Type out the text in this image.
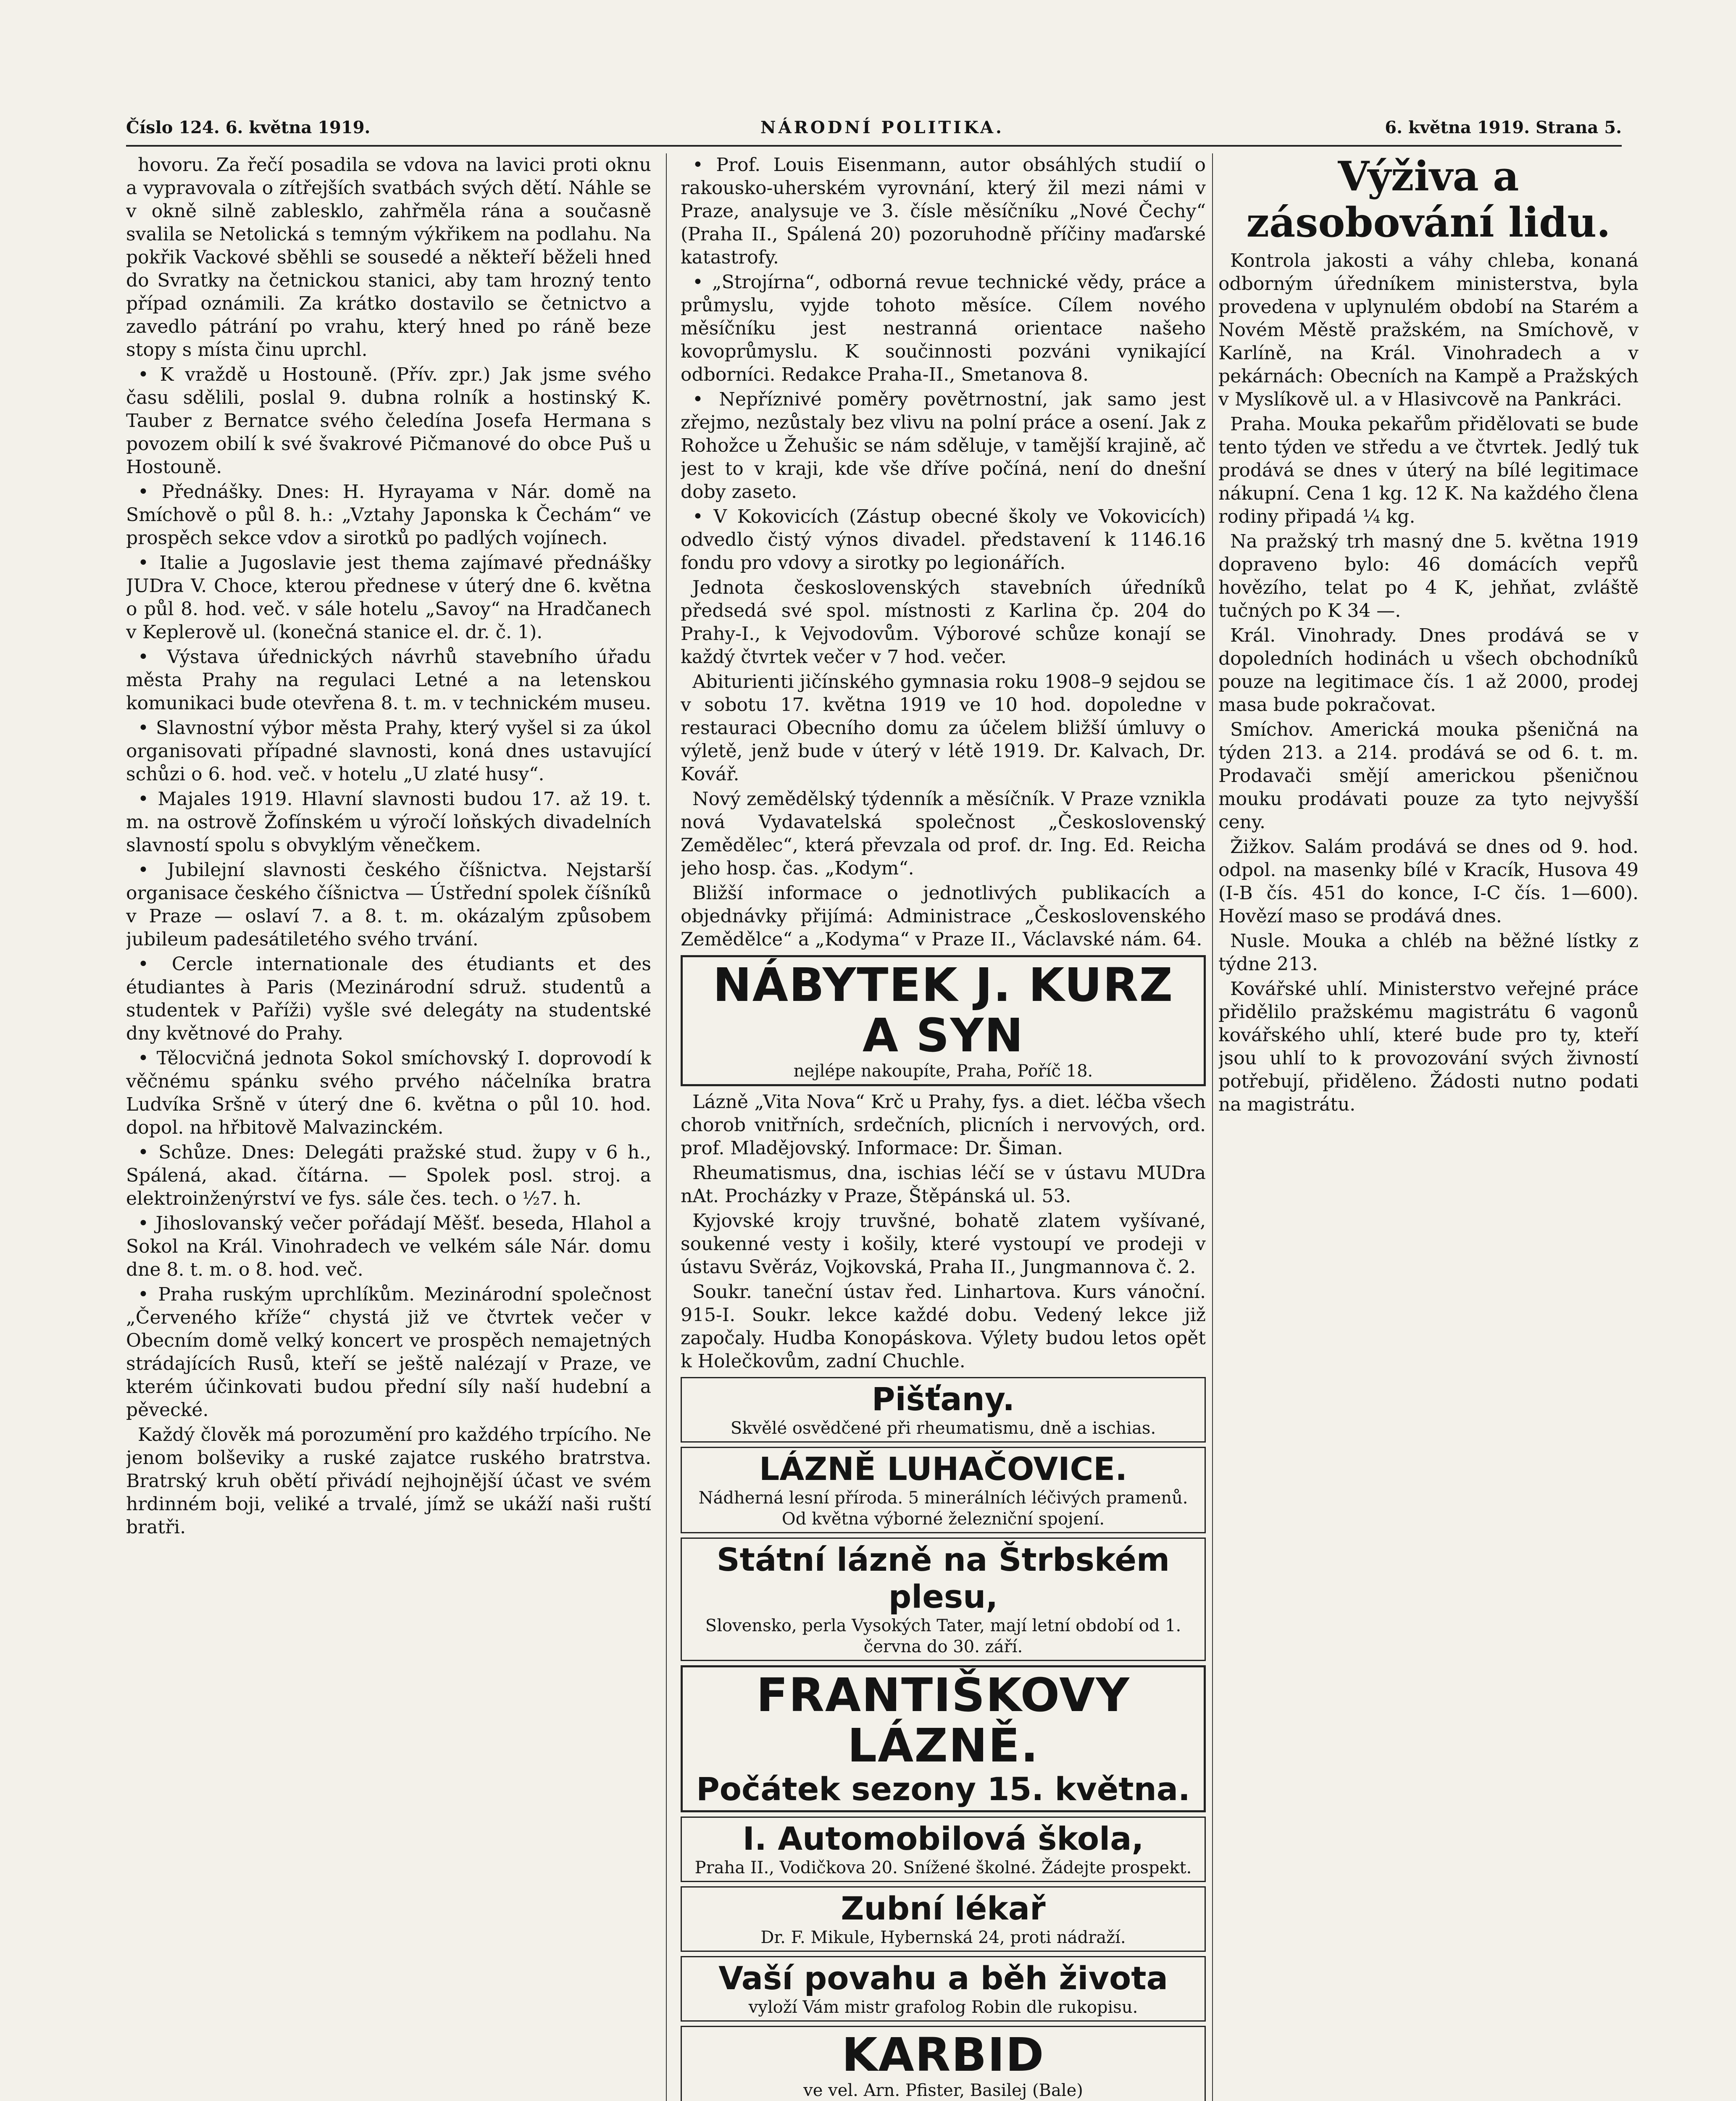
Číslo 124. 6. května 1919.	NÁRODNÍ POLITIKA.	6. května 1919. Strana 5.

hovoru. Za řečí posadila se vdova na lavici proti oknu a vypravovala o zítřejších svatbách svých dětí. Náhle se v okně silně zablesklo, zahřměla rána a současně svalila se Netolická s temným výkřikem na podlahu. Na pokřik Vackové sběhli se sousedé a někteří běželi hned do Svratky na četnickou stanici, aby tam hrozný tento případ oznámili. Za krátko dostavilo se četnictvo a zavedlo pátrání po vrahu, který hned po ráně beze stopy s místa činu uprchl.

• K vraždě u Hostouně. (Přív. zpr.) Jak jsme svého času sdělili, poslal 9. dubna rolník a hostinský K. Tauber z Bernatce svého čeledína Josefa Hermana s povozem obilí k své švakrové Pičmanové do obce Puš u Hostouně.

• Přednášky. Dnes: H. Hyrayama v Nár. domě na Smíchově o půl 8. h.: „Vztahy Japonska k Čechám“ ve prospěch sekce vdov a sirotků po padlých vojínech.

• Italie a Jugoslavie jest thema zajímavé přednášky JUDra V. Choce, kterou přednese v úterý dne 6. května o půl 8. hod. več. v sále hotelu „Savoy“ na Hradčanech v Keplerově ul. (konečná stanice el. dr. č. 1).

• Výstava úřednických návrhů stavebního úřadu města Prahy na regulaci Letné a na letenskou komunikaci bude otevřena 8. t. m. v technickém museu.

• Slavnostní výbor města Prahy, který vyšel si za úkol organisovati případné slavnosti, koná dnes ustavující schůzi o 6. hod. več. v hotelu „U zlaté husy“.

• Majales 1919. Hlavní slavnosti budou 17. až 19. t. m. na ostrově Žofínském u výročí loňských divadelních slavností spolu s obvyklým věnečkem.

• Jubilejní slavnosti českého číšnictva. Nejstarší organisace českého číšnictva — Ústřední spolek číšníků v Praze — oslaví 7. a 8. t. m. okázalým způsobem jubileum padesátiletého svého trvání.

• Cercle internationale des étudiants et des étudiantes à Paris (Mezinárodní sdruž. studentů a studentek v Paříži) vyšle své delegáty na studentské dny květnové do Prahy.

• Tělocvičná jednota Sokol smíchovský I. doprovodí k věčnému spánku svého prvého náčelníka bratra Ludvíka Sršně v úterý dne 6. května o půl 10. hod. dopol. na hřbitově Malvazinckém.

• Schůze. Dnes: Delegáti pražské stud. župy v 6 h., Spálená, akad. čítárna. — Spolek posl. stroj. a elektroinženýrství ve fys. sále čes. tech. o ½7. h.

• Jihoslovanský večer pořádají Měšť. beseda, Hlahol a Sokol na Král. Vinohradech ve velkém sále Nár. domu dne 8. t. m. o 8. hod. več.

• Praha ruským uprchlíkům. Mezinárodní společnost „Červeného kříže“ chystá již ve čtvrtek večer v Obecním domě velký koncert ve prospěch nemajetných strádajících Rusů, kteří se ještě nalézají v Praze, ve kterém účinkovati budou přední síly naší hudební a pěvecké.

Každý člověk má porozumění pro každého trpícího. Ne jenom bolševiky a ruské zajatce ruského bratrstva. Bratrský kruh obětí přivádí nejhojnější účast ve svém hrdinném boji, veliké a trvalé, jímž se ukáží naši ruští bratři.

• Prof. Louis Eisenmann, autor obsáhlých studií o rakousko-uherském vyrovnání, který žil mezi námi v Praze, analysuje ve 3. čísle měsíčníku „Nové Čechy“ (Praha II., Spálená 20) pozoruhodně příčiny maďarské katastrofy.

• „Strojírna“, odborná revue technické vědy, práce a průmyslu, vyjde tohoto měsíce. Cílem nového měsíčníku jest nestranná orientace našeho kovoprůmyslu. K součinnosti pozváni vynikající odborníci. Redakce Praha-II., Smetanova 8.

• Nepříznivé poměry povětrnostní, jak samo jest zřejmo, nezůstaly bez vlivu na polní práce a osení. Jak z Rohožce u Žehušic se nám sděluje, v tamější krajině, ač jest to v kraji, kde vše dříve počíná, není do dnešní doby zaseto.

• V Kokovicích (Zástup obecné školy ve Vokovicích) odvedlo čistý výnos divadel. představení k 1146.16 fondu pro vdovy a sirotky po legionářích.

Jednota československých stavebních úředníků předsedá své spol. místnosti z Karlina čp. 204 do Prahy-I., k Vejvodovům. Výborové schůze konají se každý čtvrtek večer v 7 hod. večer.

Abiturienti jičínského gymnasia roku 1908–9 sejdou se v sobotu 17. května 1919 ve 10 hod. dopoledne v restauraci Obecního domu za účelem bližší úmluvy o výletě, jenž bude v úterý v létě 1919. Dr. Kalvach, Dr. Kovář.

Nový zemědělský týdenník a měsíčník. V Praze vznikla nová Vydavatelská společnost „Československý Zemědělec“, která převzala od prof. dr. Ing. Ed. Reicha jeho hosp. čas. „Kodym“.

Bližší informace o jednotlivých publikacích a objednávky přijímá: Administrace „Československého Zemědělce“ a „Kodyma“ v Praze II., Václavské nám. 64.

NÁBYTEK J. KURZ A SYN
nejlépe nakoupíte, Praha, Poříč 18.

Lázně „Vita Nova“ Krč u Prahy, fys. a diet. léčba všech chorob vnitřních, srdečních, plicních i nervových, ord. prof. Mladějovský. Informace: Dr. Šiman.

Rheumatismus, dna, ischias léčí se v ústavu MUDra nAt. Procházky v Praze, Štěpánská ul. 53.

Kyjovské krojy truvšné, bohatě zlatem vyšívané, soukenné vesty i košily, které vystoupí ve prodeji v ústavu Svěráz, Vojkovská, Praha II., Jungmannova č. 2.

Soukr. taneční ústav řed. Linhartova. Kurs vánoční. 915-I. Soukr. lekce každé dobu. Vedený lekce již započaly. Hudba Konopáskova. Výlety budou letos opět k Holečkovům, zadní Chuchle.

Pišťany.
Skvělé osvědčené při rheumatismu, dně a ischias.
LÁZNĚ LUHAČOVICE.
Nádherná lesní příroda. 5 minerálních léčivých pramenů. Od května výborné železniční spojení.
Státní lázně na Štrbském plesu,
Slovensko, perla Vysokých Tater, mají letní období od 1. června do 30. září.
FRANTIŠKOVY LÁZNĚ.
Počátek sezony 15. května.
I. Automobilová škola,
Praha II., Vodičkova 20. Snížené školné. Žádejte prospekt.
Zubní lékař
Dr. F. Mikule, Hybernská 24, proti nádraží.
Vaší povahu a běh života
vyloží Vám mistr grafolog Robin dle rukopisu.
KARBID
ve vel. Arn. Pfister, Basilej (Bale)
Výživa a zásobování lidu.

Kontrola jakosti a váhy chleba, konaná odborným úředníkem ministerstva, byla provedena v uplynulém období na Starém a Novém Městě pražském, na Smíchově, v Karlíně, na Král. Vinohradech a v pekárnách: Obecních na Kampě a Pražských v Myslíkově ul. a v Hlasivcově na Pankráci.

Praha. Mouka pekařům přidělovati se bude tento týden ve středu a ve čtvrtek. Jedlý tuk prodává se dnes v úterý na bílé legitimace nákupní. Cena 1 kg. 12 K. Na každého člena rodiny připadá ¼ kg.

Na pražský trh masný dne 5. května 1919 dopraveno bylo: 46 domácích vepřů hovězího, telat po 4 K, jehňat, zvláště tučných po K 34 —.

Král. Vinohrady. Dnes prodává se v dopoledních hodinách u všech obchodníků pouze na legitimace čís. 1 až 2000, prodej masa bude pokračovat.

Smíchov. Americká mouka pšeničná na týden 213. a 214. prodává se od 6. t. m. Prodavači smějí americkou pšeničnou mouku prodávati pouze za tyto nejvyšší ceny.

Žižkov. Salám prodává se dnes od 9. hod. odpol. na masenky bílé v Kracík, Husova 49 (I-B čís. 451 do konce, I-C čís. 1—600). Hovězí maso se prodává dnes.

Nusle. Mouka a chléb na běžné lístky z týdne 213.

Kovářské uhlí. Ministerstvo veřejné práce přidělilo pražskému magistrátu 6 vagonů kovářského uhlí, které bude pro ty, kteří jsou uhlí to k provozování svých živností potřebují, přiděleno. Žádosti nutno podati na magistrátu.
